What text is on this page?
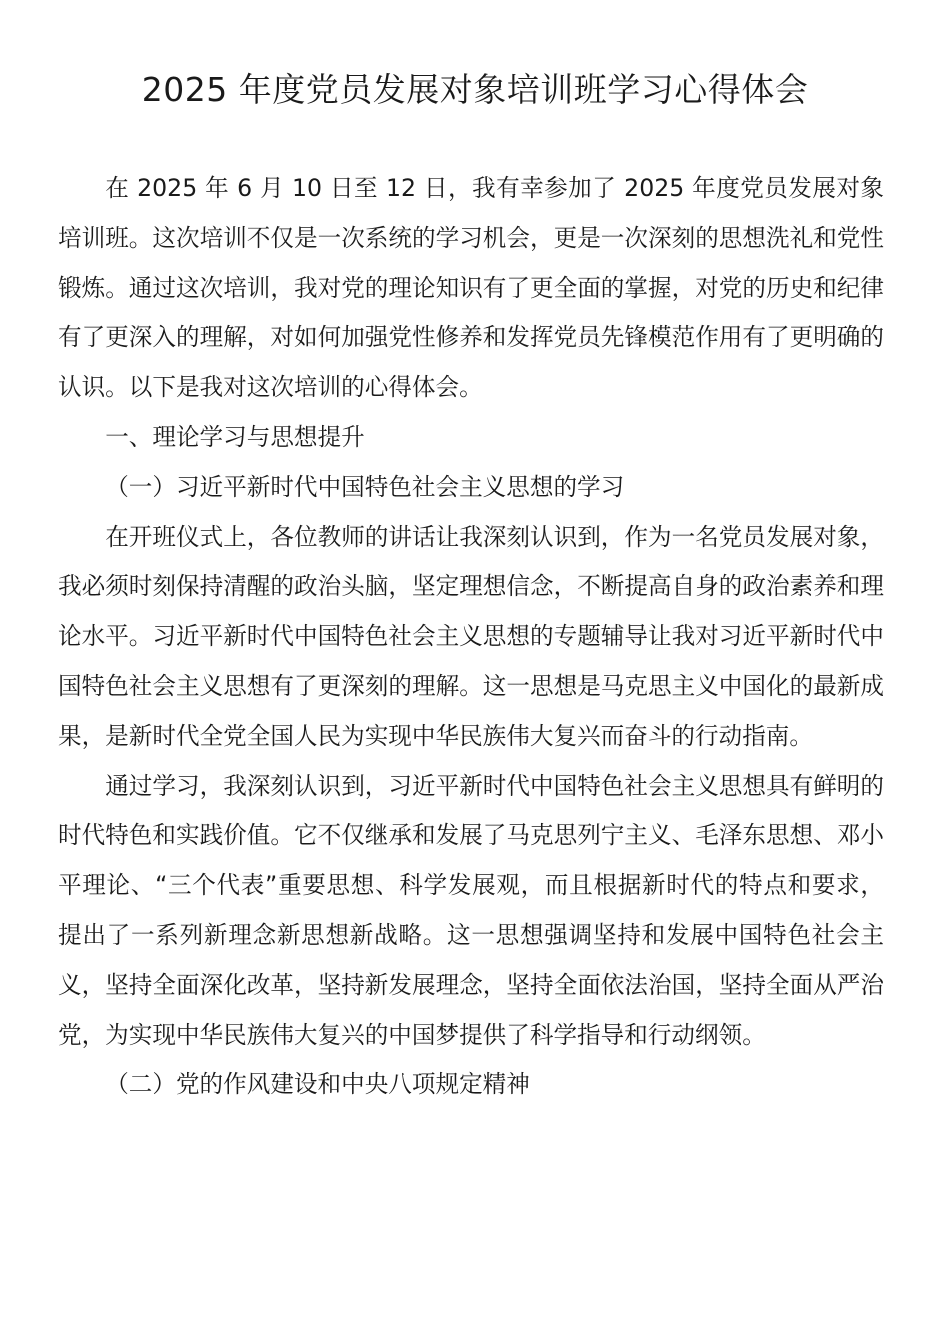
2025 年度党员发展对象培训班学习心得体会

在 2025 年 6 月 10 日至 12 日，我有幸参加了 2025 年度党员发展对象培训班。这次培训不仅是一次系统的学习机会，更是一次深刻的思想洗礼和党性锻炼。通过这次培训，我对党的理论知识有了更全面的掌握，对党的历史和纪律有了更深入的理解，对如何加强党性修养和发挥党员先锋模范作用有了更明确的认识。以下是我对这次培训的心得体会。

一、理论学习与思想提升

（一）习近平新时代中国特色社会主义思想的学习

在开班仪式上，各位教师的讲话让我深刻认识到，作为一名党员发展对象，我必须时刻保持清醒的政治头脑，坚定理想信念，不断提高自身的政治素养和理论水平。习近平新时代中国特色社会主义思想的专题辅导让我对习近平新时代中国特色社会主义思想有了更深刻的理解。这一思想是马克思主义中国化的最新成果，是新时代全党全国人民为实现中华民族伟大复兴而奋斗的行动指南。

通过学习，我深刻认识到，习近平新时代中国特色社会主义思想具有鲜明的时代特色和实践价值。它不仅继承和发展了马克思列宁主义、毛泽东思想、邓小平理论、“三个代表”重要思想、科学发展观，而且根据新时代的特点和要求，提出了一系列新理念新思想新战略。这一思想强调坚持和发展中国特色社会主义，坚持全面深化改革，坚持新发展理念，坚持全面依法治国，坚持全面从严治党，为实现中华民族伟大复兴的中国梦提供了科学指导和行动纲领。

（二）党的作风建设和中央八项规定精神
